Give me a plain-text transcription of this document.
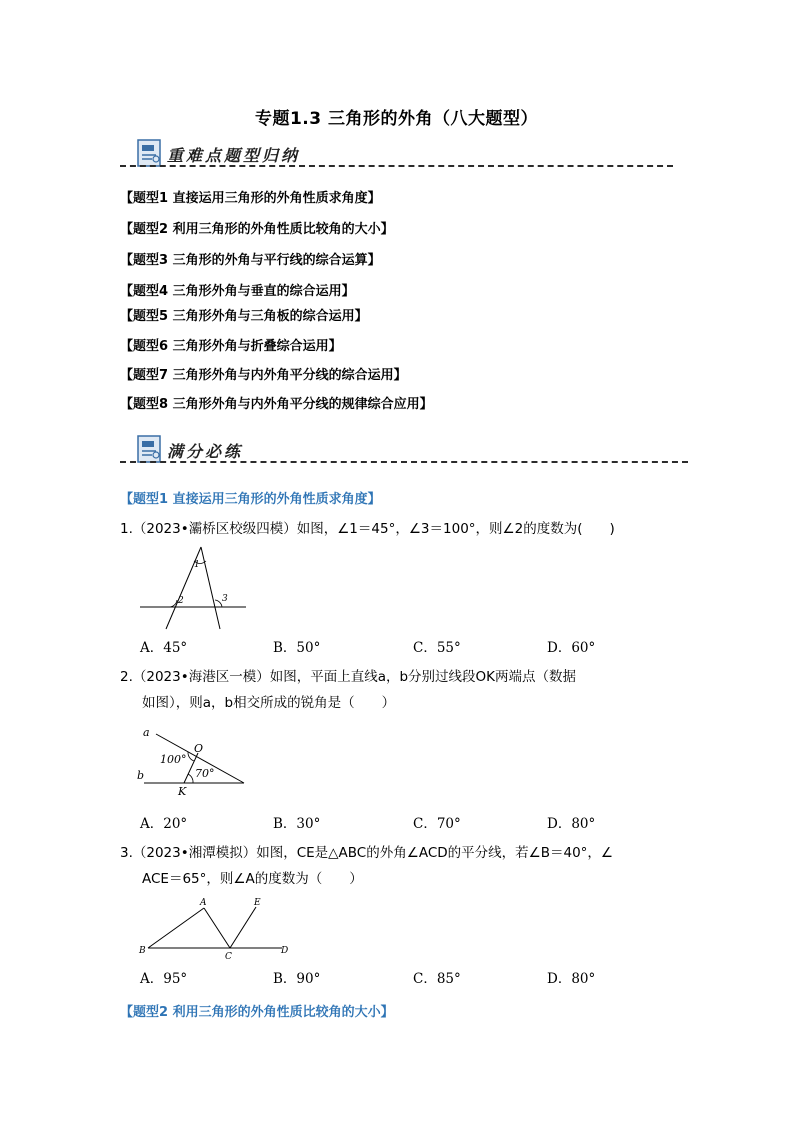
专题1.3 三角形的外角（八大题型）
重难点题型归纳
【题型1 直接运用三角形的外角性质求角度】
【题型2 利用三角形的外角性质比较角的大小】
【题型3 三角形的外角与平行线的综合运算】
【题型4 三角形外角与垂直的综合运用】
【题型5 三角形外角与三角板的综合运用】
【题型6 三角形外角与折叠综合运用】
【题型7 三角形外角与内外角平分线的综合运用】
【题型8 三角形外角与内外角平分线的规律综合应用】
满分必练
【题型1 直接运用三角形的外角性质求角度】
1.（2023•灞桥区校级四模）如图，∠1＝45°，∠3＝100°，则∠2的度数为(　　)
1
2	3
A．45°	B．50°	C．55°	D．60°
2.（2023•海港区一模）如图，平面上直线a，b分别过线段OK两端点（数据
如图），则a，b相交所成的锐角是（　　）
a
b
O
K
100°
70°
A．20°	B．30°	C．70°	D．80°
3.（2023•湘潭模拟）如图，CE是△ABC的外角∠ACD的平分线，若∠B＝40°，∠
ACE＝65°，则∠A的度数为（　　）
A
B
C
D
E
A．95°	B．90°	C．85°	D．80°
【题型2 利用三角形的外角性质比较角的大小】
